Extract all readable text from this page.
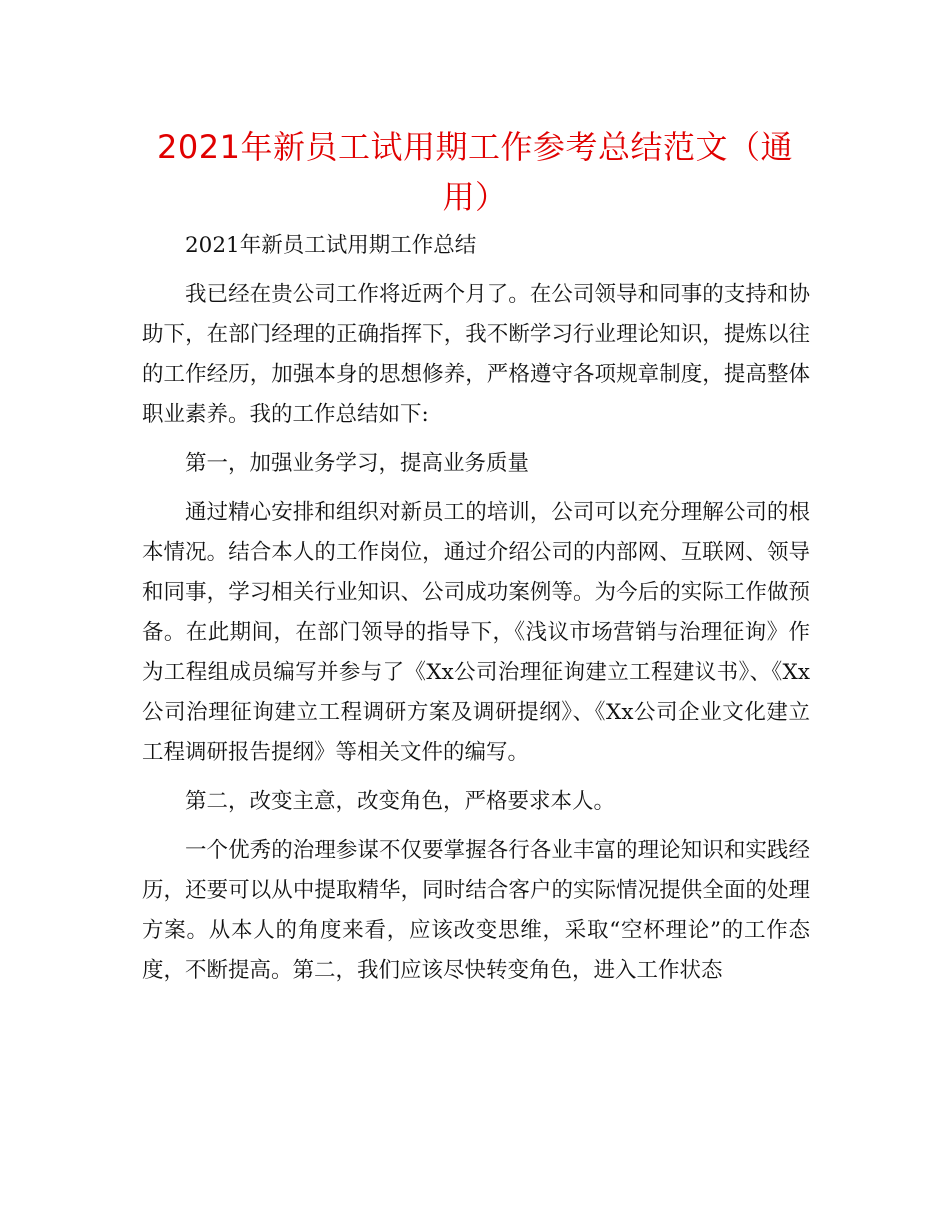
2021年新员工试用期工作参考总结范文（通用）

2021年新员工试用期工作总结

我已经在贵公司工作将近两个月了。在公司领导和同事的支持和协助下，在部门经理的正确指挥下，我不断学习行业理论知识，提炼以往的工作经历，加强本身的思想修养，严格遵守各项规章制度，提高整体职业素养。我的工作总结如下:

第一，加强业务学习，提高业务质量

通过精心安排和组织对新员工的培训，公司可以充分理解公司的根本情况。结合本人的工作岗位，通过介绍公司的内部网、互联网、领导和同事，学习相关行业知识、公司成功案例等。为今后的实际工作做预备。在此期间，在部门领导的指导下，《浅议市场营销与治理征询》作为工程组成员编写并参与了《Xx公司治理征询建立工程建议书》、《Xx公司治理征询建立工程调研方案及调研提纲》、《Xx公司企业文化建立工程调研报告提纲》等相关文件的编写。

第二，改变主意，改变角色，严格要求本人。

一个优秀的治理参谋不仅要掌握各行各业丰富的理论知识和实践经历，还要可以从中提取精华，同时结合客户的实际情况提供全面的处理方案。从本人的角度来看，应该改变思维，采取“空杯理论”的工作态度，不断提高。第二，我们应该尽快转变角色，进入工作状态
